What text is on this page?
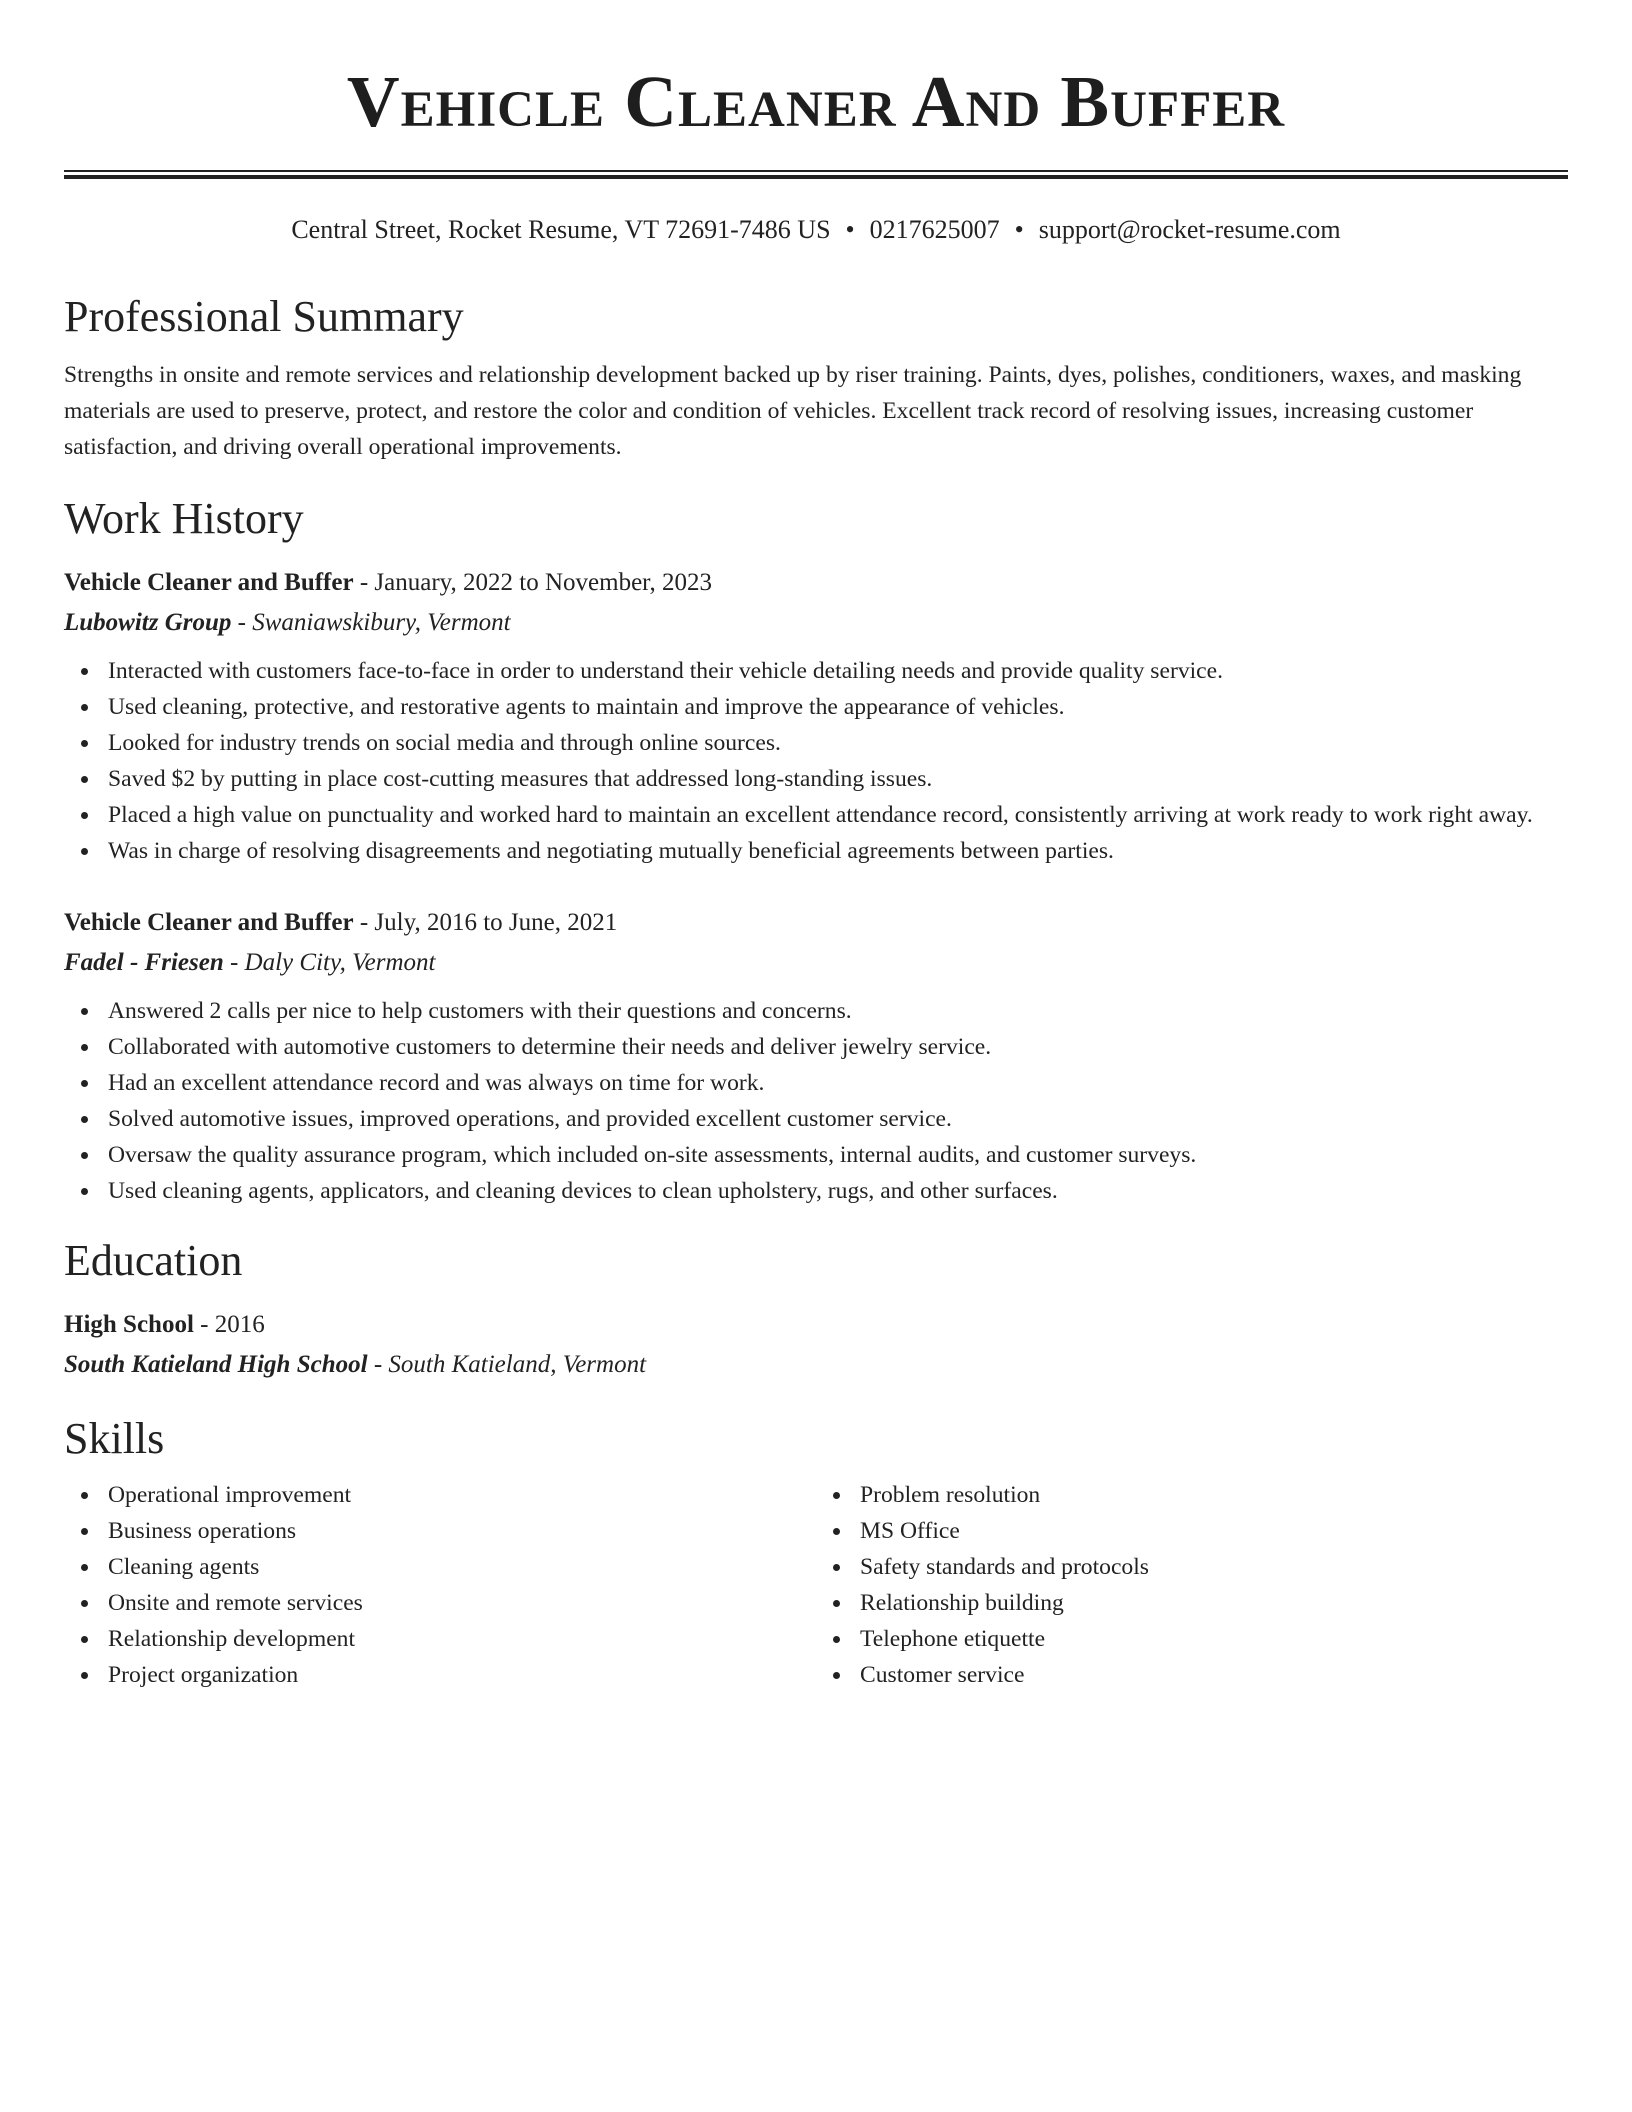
Vehicle Cleaner And Buffer
Central Street, Rocket Resume, VT 72691-7486 US • 0217625007 • support@rocket-resume.com
Professional Summary

Strengths in onsite and remote services and relationship development backed up by riser training. Paints, dyes, polishes, conditioners, waxes, and masking materials are used to preserve, protect, and restore the color and condition of vehicles. Excellent track record of resolving issues, increasing customer satisfaction, and driving overall operational improvements.

Work History
Vehicle Cleaner and Buffer - January, 2022 to November, 2023
Lubowitz Group - Swaniawskibury, Vermont
Interacted with customers face-to-face in order to understand their vehicle detailing needs and provide quality service.
Used cleaning, protective, and restorative agents to maintain and improve the appearance of vehicles.
Looked for industry trends on social media and through online sources.
Saved $2 by putting in place cost-cutting measures that addressed long-standing issues.
Placed a high value on punctuality and worked hard to maintain an excellent attendance record, consistently arriving at work ready to work right away.
Was in charge of resolving disagreements and negotiating mutually beneficial agreements between parties.
Vehicle Cleaner and Buffer - July, 2016 to June, 2021
Fadel - Friesen - Daly City, Vermont
Answered 2 calls per nice to help customers with their questions and concerns.
Collaborated with automotive customers to determine their needs and deliver jewelry service.
Had an excellent attendance record and was always on time for work.
Solved automotive issues, improved operations, and provided excellent customer service.
Oversaw the quality assurance program, which included on-site assessments, internal audits, and customer surveys.
Used cleaning agents, applicators, and cleaning devices to clean upholstery, rugs, and other surfaces.
Education
High School - 2016
South Katieland High School - South Katieland, Vermont
Skills
Operational improvement
Business operations
Cleaning agents
Onsite and remote services
Relationship development
Project organization
Problem resolution
MS Office
Safety standards and protocols
Relationship building
Telephone etiquette
Customer service
